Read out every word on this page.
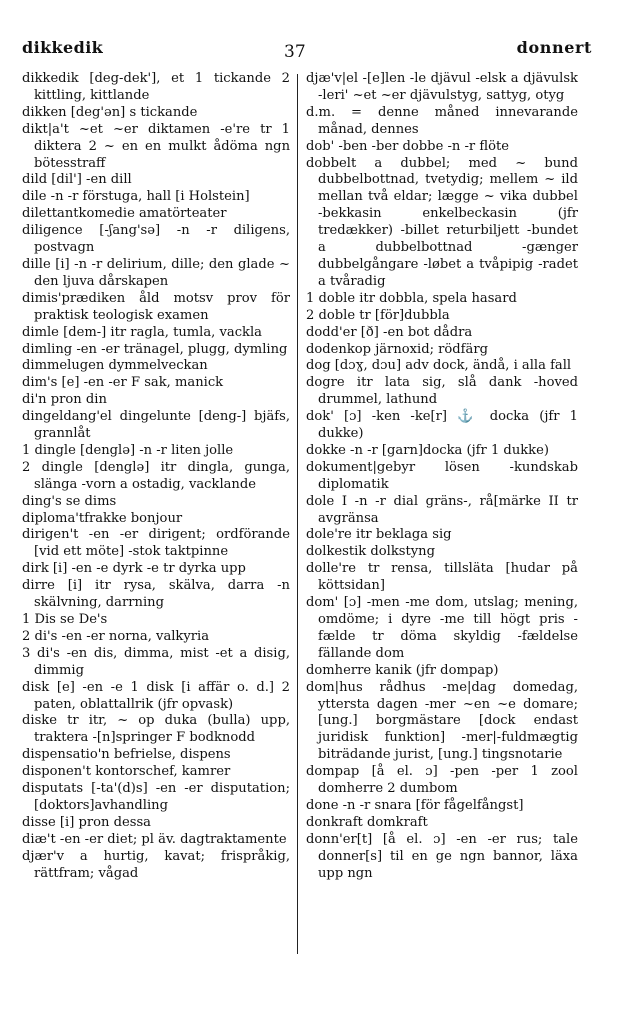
dikkedik	37	donnert

dikkedik [deg-dek'], et 1 tickande 2 kittling, kittlande

dikken [deg'ən] s tickande

dikt|a't ~et ~er diktamen -e're tr 1 diktera 2 ~ en en mulkt ådöma ngn bötesstraff

dild [dil'] -en dill

dile -n -r förstuga, hall [i Holstein]

dilettantkomedie amatörteater

diligence [-ʃang'sə] -n -r diligens, postvagn

dille [i] -n -r delirium, dille; den glade ~ den ljuva dårskapen

dimis'prædiken åld motsv prov för praktisk teologisk examen

dimle [dem-] itr ragla, tumla, vackla

dimling -en -er tränagel, plugg, dymling

dimmelugen dymmelveckan

dim's [e] -en -er F sak, manick

di'n pron din

dingeldang'el dingelunte [deng-] bjäfs, grannlåt

1 dingle [denglə] -n -r liten jolle

2 dingle [denglə] itr dingla, gunga, slänga -vorn a ostadig, vacklande

ding's se dims

diploma'tfrakke bonjour

dirigen't -en -er dirigent; ordförande [vid ett möte] -stok taktpinne

dirk [i] -en -e dyrk -e tr dyrka upp

dirre [i] itr rysa, skälva, darra -n skälvning, darrning

1 Dis se De's

2 di's -en -er norna, valkyria

3 di's -en dis, dimma, mist -et a disig, dimmig

disk [e] -en -e 1 disk [i affär o. d.] 2 paten, oblattallrik (jfr opvask)

diske tr itr, ~ op duka (bulla) upp, traktera -[n]springer F bodknodd

dispensatio'n befrielse, dispens

disponen't kontorschef, kamrer

disputats [-ta'(d)s] -en -er disputation; [doktors]avhandling

disse [i] pron dessa

diæ't -en -er diet; pl äv. dagtraktamente

djær'v a hurtig, kavat; frispråkig, rättfram; vågad

djæ'v|el -[e]len -le djävul -elsk a djävulsk -leri' ~et ~er djävulstyg, sattyg, otyg

d.m. = denne måned innevarande månad, dennes

dob' -ben -ber dobbe -n -r flöte

dobbelt a dubbel; med ~ bund dubbelbottnad, tvetydig; mellem ~ ild mellan två eldar; lægge ~ vika dubbel -bekkasin enkelbeckasin (jfr tredækker) -billet returbiljett -bundet a dubbelbottnad -gænger dubbelgångare -løbet a tvåpipig -radet a tvåradig

1 doble itr dobbla, spela hasard

2 doble tr [för]dubbla

dodd'er [ð] -en bot dådra

dodenkop järnoxid; rödfärg

dog [dɔɣ, dɔu] adv dock, ändå, i alla fall

dogre itr lata sig, slå dank -hoved drummel, lathund

dok' [ɔ] -ken -ke[r] ⚓ docka (jfr 1 dukke)

dokke -n -r [garn]docka (jfr 1 dukke)

dokument|gebyr lösen -kundskab diplomatik

dole I -n -r dial gräns-, rå[märke II tr avgränsa

dole're itr beklaga sig

dolkestik dolkstyng

dolle're tr rensa, tillsläta [hudar på köttsidan]

dom' [ɔ] -men -me dom, utslag; mening, omdöme; i dyre -me till högt pris -fælde tr döma skyldig -fældelse fällande dom

domherre kanik (jfr dompap)

dom|hus rådhus -me|dag domedag, yttersta dagen -mer ~en ~e domare; [ung.] borgmästare [dock endast juridisk funktion] -mer|-fuldmægtig biträdande jurist, [ung.] tingsnotarie

dompap [å el. ɔ] -pen -per 1 zool domherre 2 dumbom

done -n -r snara [för fågelfångst]

donkraft domkraft

donn'er[t] [å el. ɔ] -en -er rus; tale donner[s] til en ge ngn bannor, läxa upp ngn
